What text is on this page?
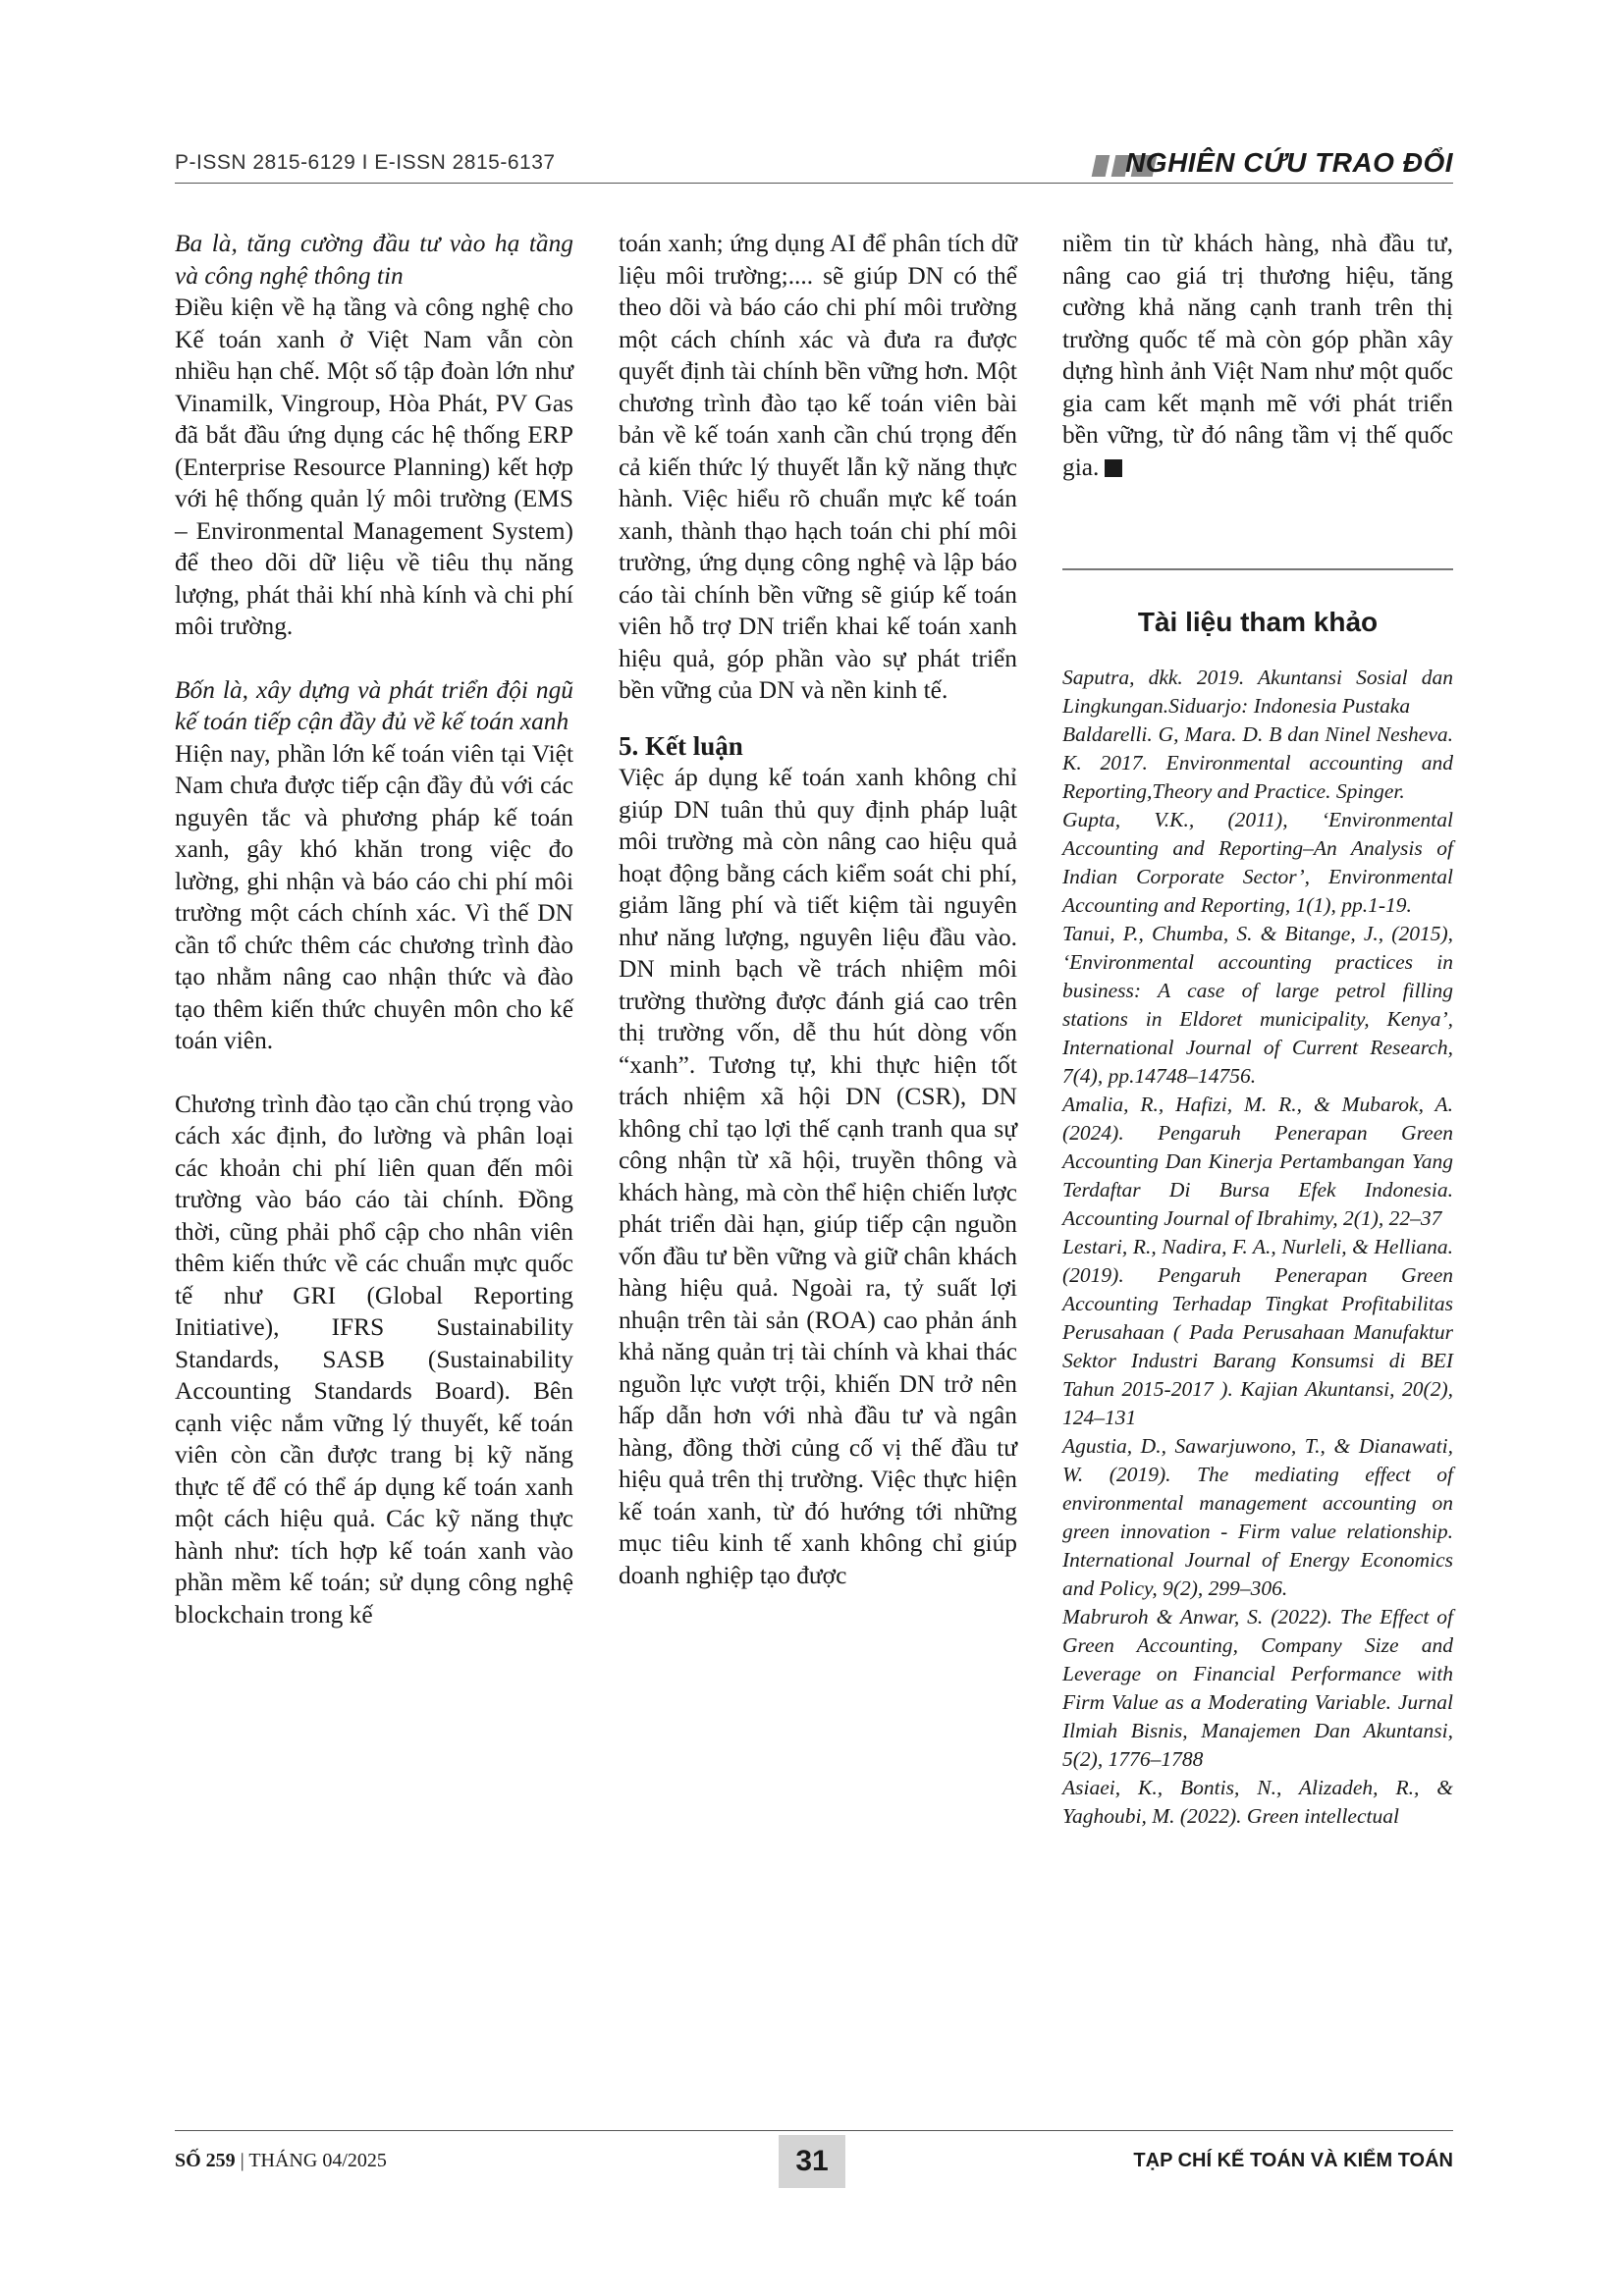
P-ISSN 2815-6129 I E-ISSN 2815-6137	NGHIÊN CỨU TRAO ĐỔI

Ba là, tăng cường đầu tư vào hạ tầng và công nghệ thông tin

Điều kiện về hạ tầng và công nghệ cho Kế toán xanh ở Việt Nam vẫn còn nhiều hạn chế. Một số tập đoàn lớn như Vinamilk, Vingroup, Hòa Phát, PV Gas đã bắt đầu ứng dụng các hệ thống ERP (Enterprise Resource Planning) kết hợp với hệ thống quản lý môi trường (EMS – Environmental Management System) để theo dõi dữ liệu về tiêu thụ năng lượng, phát thải khí nhà kính và chi phí môi trường.

Bốn là, xây dựng và phát triển đội ngũ kế toán tiếp cận đầy đủ về kế toán xanh

Hiện nay, phần lớn kế toán viên tại Việt Nam chưa được tiếp cận đầy đủ với các nguyên tắc và phương pháp kế toán xanh, gây khó khăn trong việc đo lường, ghi nhận và báo cáo chi phí môi trường một cách chính xác. Vì thế DN cần tổ chức thêm các chương trình đào tạo nhằm nâng cao nhận thức và đào tạo thêm kiến thức chuyên môn cho kế toán viên.

Chương trình đào tạo cần chú trọng vào cách xác định, đo lường và phân loại các khoản chi phí liên quan đến môi trường vào báo cáo tài chính. Đồng thời, cũng phải phổ cập cho nhân viên thêm kiến thức về các chuẩn mực quốc tế như GRI (Global Reporting Initiative), IFRS Sustainability Standards, SASB (Sustainability Accounting Standards Board). Bên cạnh việc nắm vững lý thuyết, kế toán viên còn cần được trang bị kỹ năng thực tế để có thể áp dụng kế toán xanh một cách hiệu quả. Các kỹ năng thực hành như: tích hợp kế toán xanh vào phần mềm kế toán; sử dụng công nghệ blockchain trong kế

toán xanh; ứng dụng AI để phân tích dữ liệu môi trường;.... sẽ giúp DN có thể theo dõi và báo cáo chi phí môi trường một cách chính xác và đưa ra được quyết định tài chính bền vững hơn. Một chương trình đào tạo kế toán viên bài bản về kế toán xanh cần chú trọng đến cả kiến thức lý thuyết lẫn kỹ năng thực hành. Việc hiểu rõ chuẩn mực kế toán xanh, thành thạo hạch toán chi phí môi trường, ứng dụng công nghệ và lập báo cáo tài chính bền vững sẽ giúp kế toán viên hỗ trợ DN triển khai kế toán xanh hiệu quả, góp phần vào sự phát triển bền vững của DN và nền kinh tế.

5. Kết luận

Việc áp dụng kế toán xanh không chỉ giúp DN tuân thủ quy định pháp luật môi trường mà còn nâng cao hiệu quả hoạt động bằng cách kiểm soát chi phí, giảm lãng phí và tiết kiệm tài nguyên như năng lượng, nguyên liệu đầu vào. DN minh bạch về trách nhiệm môi trường thường được đánh giá cao trên thị trường vốn, dễ thu hút dòng vốn “xanh”. Tương tự, khi thực hiện tốt trách nhiệm xã hội DN (CSR), DN không chỉ tạo lợi thế cạnh tranh qua sự công nhận từ xã hội, truyền thông và khách hàng, mà còn thể hiện chiến lược phát triển dài hạn, giúp tiếp cận nguồn vốn đầu tư bền vững và giữ chân khách hàng hiệu quả. Ngoài ra, tỷ suất lợi nhuận trên tài sản (ROA) cao phản ánh khả năng quản trị tài chính và khai thác nguồn lực vượt trội, khiến DN trở nên hấp dẫn hơn với nhà đầu tư và ngân hàng, đồng thời củng cố vị thế đầu tư hiệu quả trên thị trường. Việc thực hiện kế toán xanh, từ đó hướng tới những mục tiêu kinh tế xanh không chỉ giúp doanh nghiệp tạo được

niềm tin từ khách hàng, nhà đầu tư, nâng cao giá trị thương hiệu, tăng cường khả năng cạnh tranh trên thị trường quốc tế mà còn góp phần xây dựng hình ảnh Việt Nam như một quốc gia cam kết mạnh mẽ với phát triển bền vững, từ đó nâng tầm vị thế quốc gia.

Tài liệu tham khảo

Saputra, dkk. 2019. Akuntansi Sosial dan Lingkungan.Siduarjo: Indonesia Pustaka

Baldarelli. G, Mara. D. B dan Ninel Nesheva. K. 2017. Environmental accounting and Reporting,Theory and Practice. Spinger.

Gupta, V.K., (2011), ‘Environmental Accounting and Reporting–An Analysis of Indian Corporate Sector’, Environmental Accounting and Reporting, 1(1), pp.1-19.

Tanui, P., Chumba, S. & Bitange, J., (2015), ‘Environmental accounting practices in business: A case of large petrol filling stations in Eldoret municipality, Kenya’, International Journal of Current Research, 7(4), pp.14748–14756.

Amalia, R., Hafizi, M. R., & Mubarok, A. (2024). Pengaruh Penerapan Green Accounting Dan Kinerja Pertambangan Yang Terdaftar Di Bursa Efek Indonesia. Accounting Journal of Ibrahimy, 2(1), 22–37

Lestari, R., Nadira, F. A., Nurleli, & Helliana. (2019). Pengaruh Penerapan Green Accounting Terhadap Tingkat Profitabilitas Perusahaan ( Pada Perusahaan Manufaktur Sektor Industri Barang Konsumsi di BEI Tahun 2015-2017 ). Kajian Akuntansi, 20(2), 124–131

Agustia, D., Sawarjuwono, T., & Dianawati, W. (2019). The mediating effect of environmental management accounting on green innovation - Firm value relationship. International Journal of Energy Economics and Policy, 9(2), 299–306.

Mabruroh & Anwar, S. (2022). The Effect of Green Accounting, Company Size and Leverage on Financial Performance with Firm Value as a Moderating Variable. Jurnal Ilmiah Bisnis, Manajemen Dan Akuntansi, 5(2), 1776–1788

Asiaei, K., Bontis, N., Alizadeh, R., & Yaghoubi, M. (2022). Green intellectual

SỐ 259 | THÁNG 04/2025	31	TẠP CHÍ KẾ TOÁN VÀ KIỂM TOÁN
